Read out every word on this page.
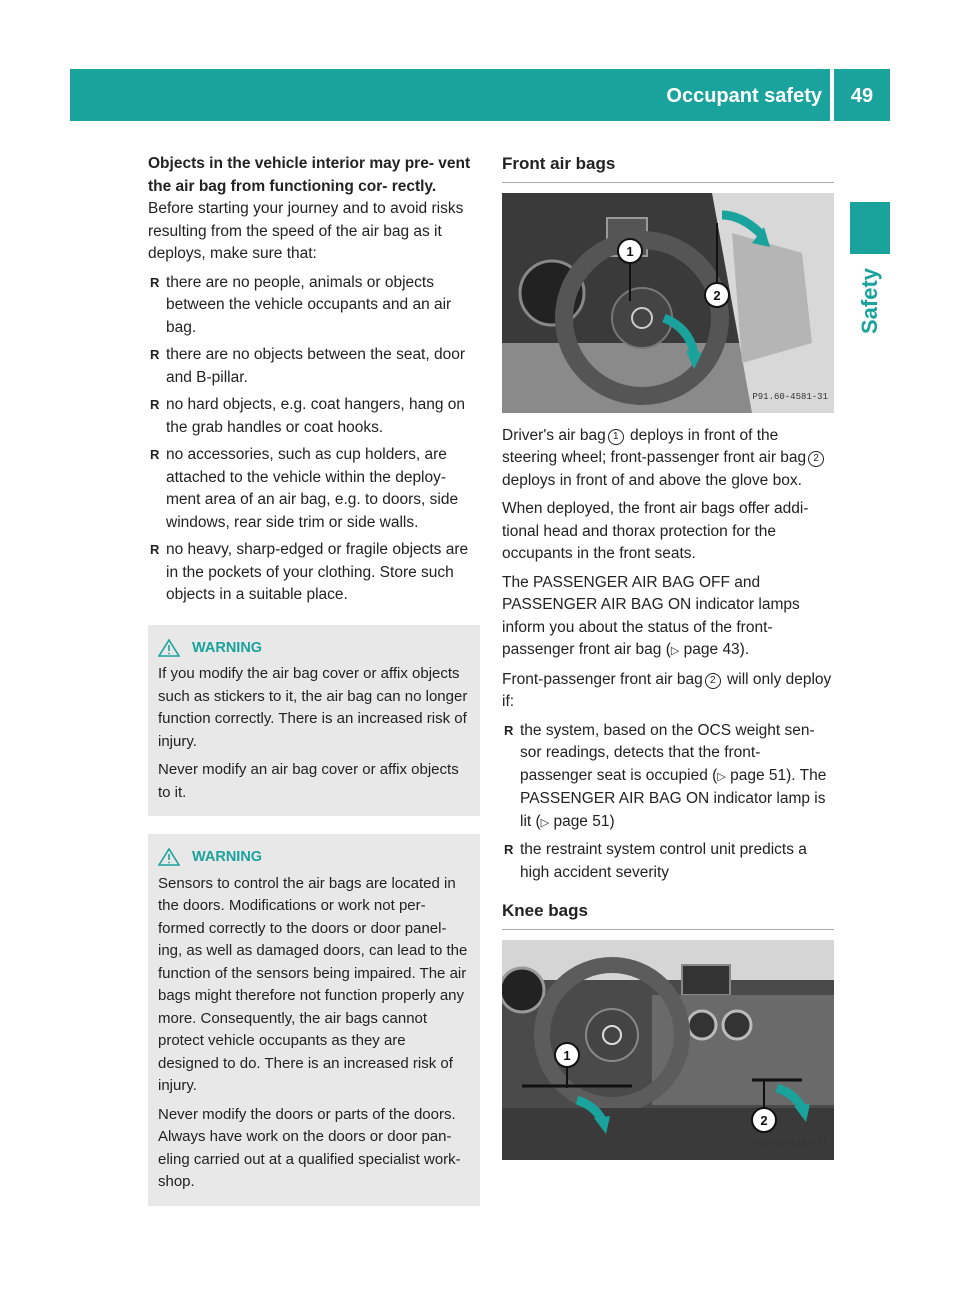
Occupant safety	49
Safety

Objects in the vehicle interior may pre- vent the air bag from functioning cor- rectly. Before starting your journey and to avoid risks resulting from the speed of the air bag as it deploys, make sure that:

R there are no people, animals or objects between the vehicle occupants and an air bag.
R there are no objects between the seat, door and B-pillar.
R no hard objects, e.g. coat hangers, hang on the grab handles or coat hooks.
R no accessories, such as cup holders, are attached to the vehicle within the deploy- ment area of an air bag, e.g. to doors, side windows, rear side trim or side walls.
R no heavy, sharp-edged or fragile objects are in the pockets of your clothing. Store such objects in a suitable place.
WARNING

If you modify the air bag cover or affix objects such as stickers to it, the air bag can no longer function correctly. There is an increased risk of injury.

Never modify an air bag cover or affix objects to it.

WARNING

Sensors to control the air bags are located in the doors. Modifications or work not per- formed correctly to the doors or door panel- ing, as well as damaged doors, can lead to the function of the sensors being impaired. The air bags might therefore not function properly any more. Consequently, the air bags cannot protect vehicle occupants as they are designed to do. There is an increased risk of injury.

Never modify the doors or parts of the doors. Always have work on the doors or door pan- eling carried out at a qualified specialist work- shop.

Front air bags
1
2
P91.60-4581-31

Driver's air bag 1 deploys in front of the steering wheel; front-passenger front air bag 2 deploys in front of and above the glove box.

When deployed, the front air bags offer addi- tional head and thorax protection for the occupants in the front seats.

The PASSENGER AIR BAG OFF and PASSENGER AIR BAG ON indicator lamps inform you about the status of the front- passenger front air bag (▷ page 43).

Front-passenger front air bag 2 will only deploy if:

R the system, based on the OCS weight sen- sor readings, detects that the front- passenger seat is occupied (▷ page 51). The PASSENGER AIR BAG ON indicator lamp is lit (▷ page 51)
R the restraint system control unit predicts a high accident severity
Knee bags
1
2
P91.60-4583-31
